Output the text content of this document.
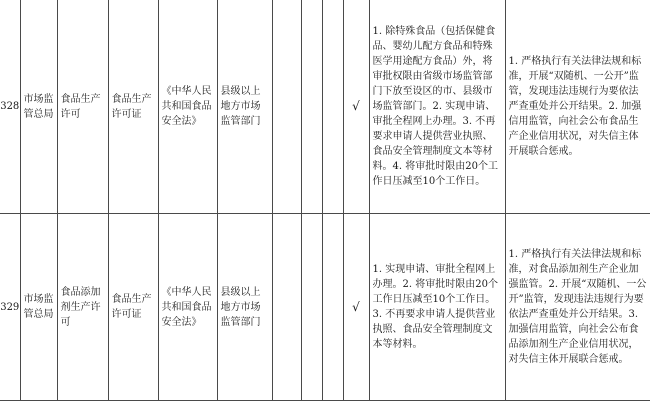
328	市场监管总局	食品生产许可	食品生产许可证	《中华人民共和国食品安全法》	县级以上地方市场监管部门				√	1. 除特殊食品（包括保健食品、婴幼儿配方食品和特殊医学用途配方食品）外，将审批权限由省级市场监管部门下放至设区的市、县级市场监管部门。2. 实现申请、审批全程网上办理。3. 不再要求申请人提供营业执照、食品安全管理制度文本等材料。4. 将审批时限由20个工作日压减至10个工作日。	1. 严格执行有关法律法规和标准，开展“双随机、一公开”监管，发现违法违规行为要依法严查重处并公开结果。2. 加强信用监管，向社会公布食品生产企业信用状况，对失信主体开展联合惩戒。
329	市场监管总局	食品添加剂生产许可	食品生产许可证	《中华人民共和国食品安全法》	县级以上地方市场监管部门				√	1. 实现申请、审批全程网上办理。2. 将审批时限由20个工作日压减至10个工作日。3. 不再要求申请人提供营业执照、食品安全管理制度文本等材料。	1. 严格执行有关法律法规和标准，对食品添加剂生产企业加强监管。2. 开展“双随机、一公开”监管，发现违法违规行为要依法严查重处并公开结果。3. 加强信用监管，向社会公布食品添加剂生产企业信用状况，对失信主体开展联合惩戒。
